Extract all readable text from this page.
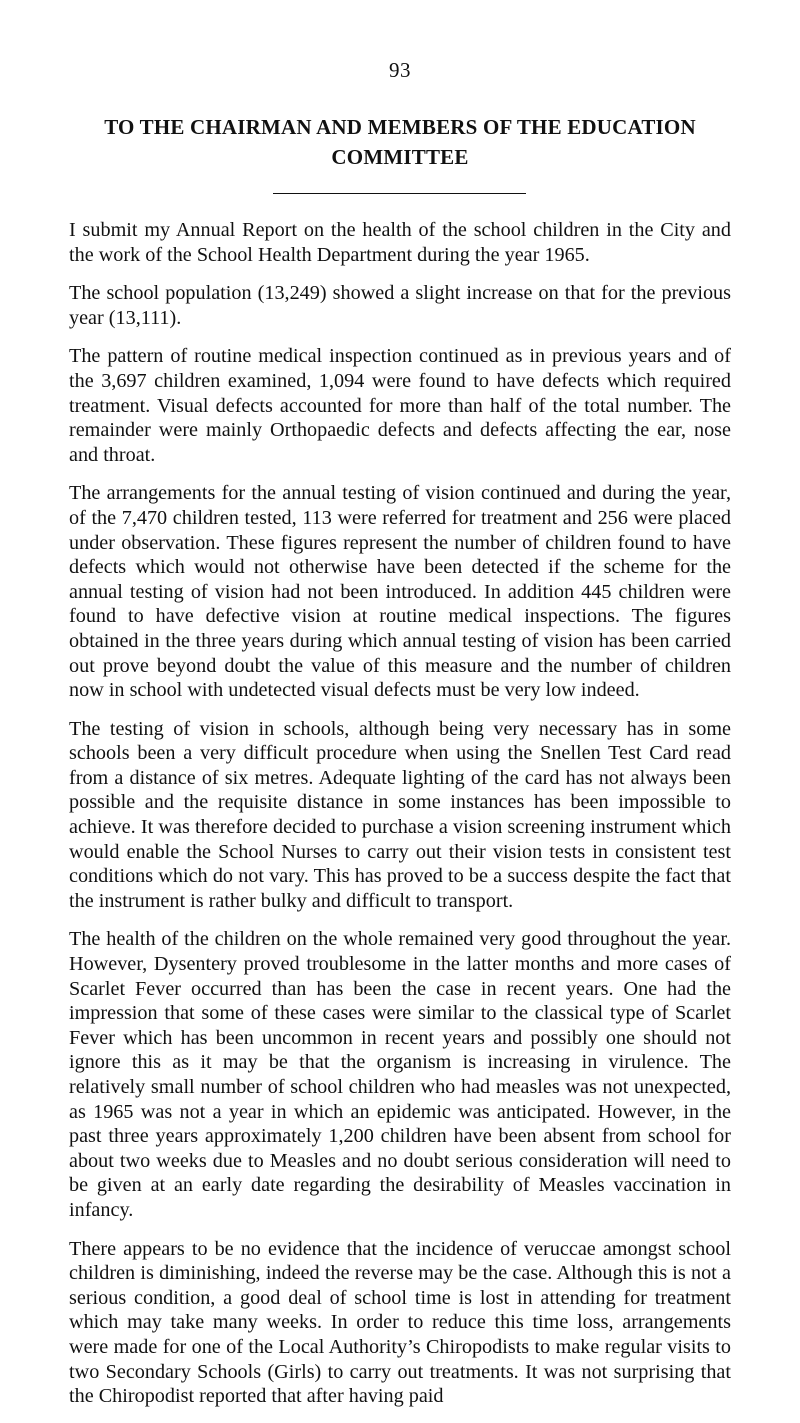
93
TO THE CHAIRMAN AND MEMBERS OF THE EDUCATION
COMMITTEE

I submit my Annual Report on the health of the school children in the City and the work of the School Health Department during the year 1965.

The school population (13,249) showed a slight increase on that for the previous year (13,111).

The pattern of routine medical inspection continued as in previous years and of the 3,697 children examined, 1,094 were found to have defects which required treatment. Visual defects accounted for more than half of the total number. The remainder were mainly Orthopaedic defects and defects affecting the ear, nose and throat.

The arrangements for the annual testing of vision continued and during the year, of the 7,470 children tested, 113 were referred for treatment and 256 were placed under observation. These figures represent the number of children found to have defects which would not otherwise have been detected if the scheme for the annual testing of vision had not been introduced. In addition 445 children were found to have defective vision at routine medical inspections. The figures obtained in the three years during which annual testing of vision has been carried out prove beyond doubt the value of this measure and the number of children now in school with undetected visual defects must be very low indeed.

The testing of vision in schools, although being very necessary has in some schools been a very difficult procedure when using the Snellen Test Card read from a distance of six metres. Adequate lighting of the card has not always been possible and the requisite distance in some instances has been impossible to achieve. It was therefore decided to purchase a vision screening instrument which would enable the School Nurses to carry out their vision tests in consistent test conditions which do not vary. This has proved to be a success despite the fact that the instrument is rather bulky and difficult to transport.

The health of the children on the whole remained very good throughout the year. However, Dysentery proved troublesome in the latter months and more cases of Scarlet Fever occurred than has been the case in recent years. One had the impression that some of these cases were similar to the classical type of Scarlet Fever which has been uncommon in recent years and possibly one should not ignore this as it may be that the organism is increasing in virulence. The relatively small number of school children who had measles was not unexpected, as 1965 was not a year in which an epidemic was anticipated. However, in the past three years approximately 1,200 children have been absent from school for about two weeks due to Measles and no doubt serious consideration will need to be given at an early date regarding the desirability of Measles vaccination in infancy.

There appears to be no evidence that the incidence of veruccae amongst school children is diminishing, indeed the reverse may be the case. Although this is not a serious condition, a good deal of school time is lost in attending for treatment which may take many weeks. In order to reduce this time loss, arrangements were made for one of the Local Authority’s Chiropodists to make regular visits to two Secondary Schools (Girls) to carry out treatments. It was not surprising that the Chiropodist reported that after having paid
